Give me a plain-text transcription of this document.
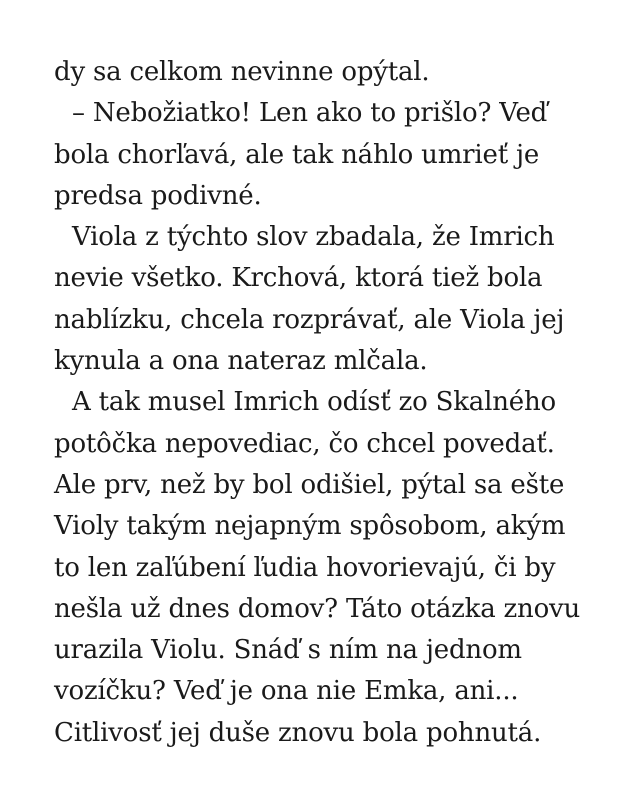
dy sa celkom nevinne opýtal.
– Nebožiatko! Len ako to prišlo? Veď
bola chorľavá, ale tak náhlo umrieť je
predsa podivné.
Viola z týchto slov zbadala, že Imrich
nevie všetko. Krchová, ktorá tiež bola
nablízku, chcela rozprávať, ale Viola jej
kynula a ona nateraz mlčala.
A tak musel Imrich odísť zo Skalného
potôčka nepovediac, čo chcel povedať.
Ale prv, než by bol odišiel, pýtal sa ešte
Violy takým nejapným spôsobom, akým
to len zaľúbení ľudia hovorievajú, či by
nešla už dnes domov? Táto otázka znovu
urazila Violu. Snáď s ním na jednom
vozíčku? Veď je ona nie Emka, ani...
Citlivosť jej duše znovu bola pohnutá.
